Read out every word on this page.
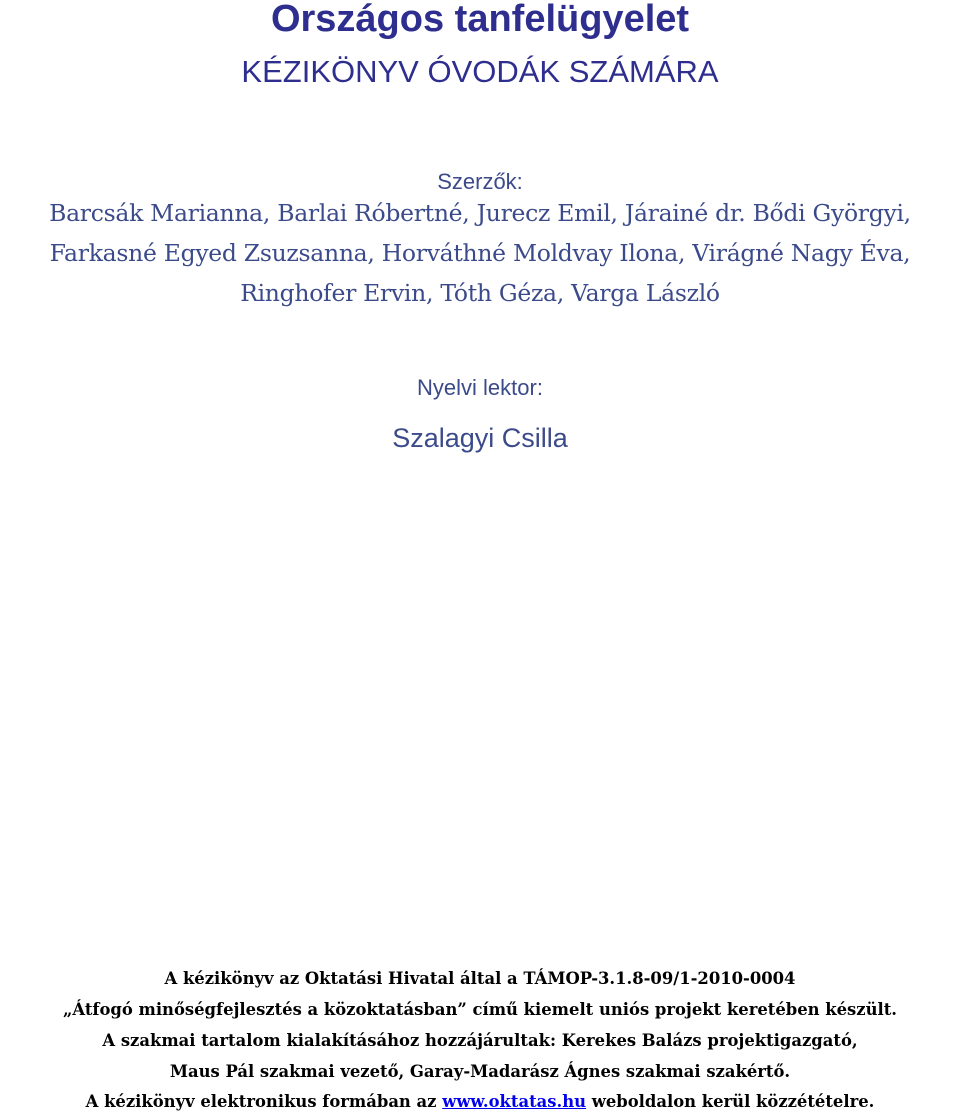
Országos tanfelügyelet
KÉZIKÖNYV ÓVODÁK SZÁMÁRA
Szerzők:
Barcsák Marianna, Barlai Róbertné, Jurecz Emil, Járainé dr. Bődi Györgyi,
Farkasné Egyed Zsuzsanna, Horváthné Moldvay Ilona, Virágné Nagy Éva,
Ringhofer Ervin, Tóth Géza, Varga László
Nyelvi lektor:
Szalagyi Csilla
A kézikönyv az Oktatási Hivatal által a TÁMOP-3.1.8-09/1-2010-0004
„Átfogó minőségfejlesztés a közoktatásban” című kiemelt uniós projekt keretében készült.
A szakmai tartalom kialakításához hozzájárultak: Kerekes Balázs projektigazgató,
Maus Pál szakmai vezető, Garay-Madarász Ágnes szakmai szakértő.
A kézikönyv elektronikus formában az www.oktatas.hu weboldalon kerül közzétételre.
